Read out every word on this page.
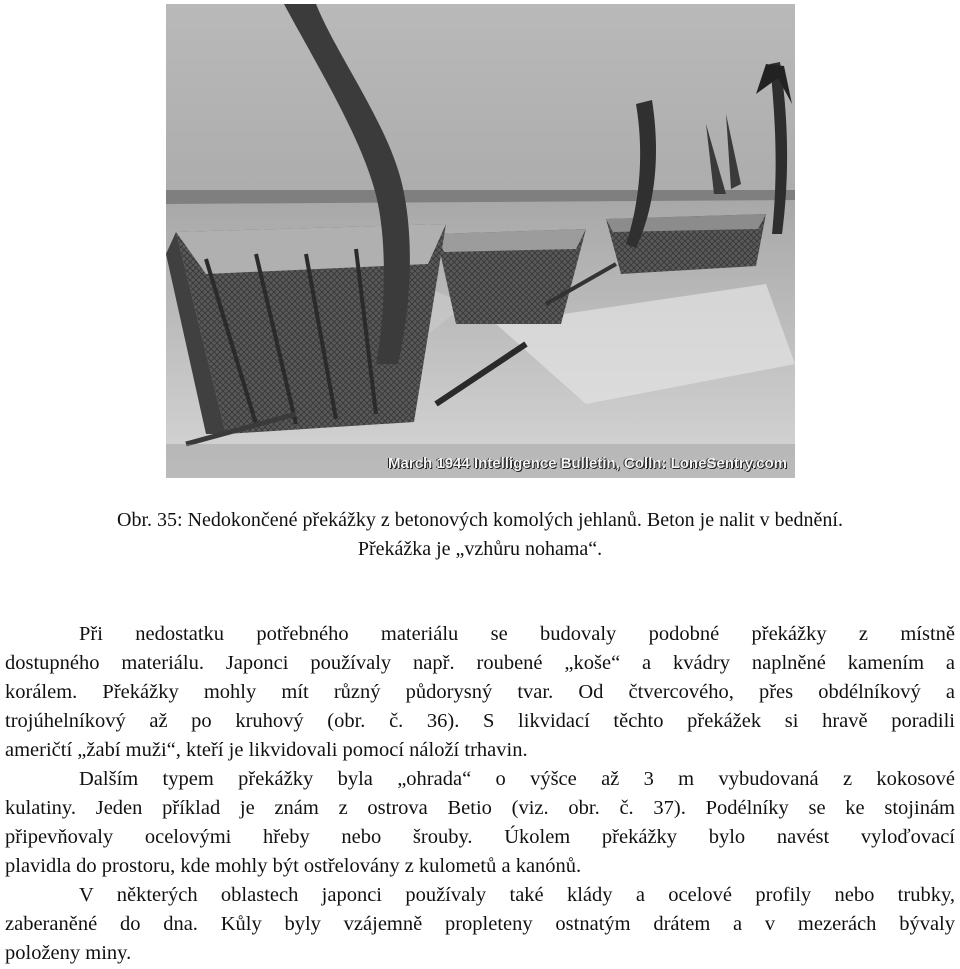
March 1944 Intelligence Bulletin, Colln: LoneSentry.com
Obr. 35: Nedokončené překážky z betonových komolých jehlanů. Beton je nalit v bednění.
Překážka je „vzhůru nohama“.
Při nedostatku potřebného materiálu se budovaly podobné překážky z místně
dostupného materiálu. Japonci používaly např. roubené „koše“ a kvádry naplněné kamením a
korálem. Překážky mohly mít různý půdorysný tvar. Od čtvercového, přes obdélníkový a
trojúhelníkový až po kruhový (obr. č. 36). S likvidací těchto překážek si hravě poradili
američtí „žabí muži“, kteří je likvidovali pomocí náloží trhavin.
Dalším typem překážky byla „ohrada“ o výšce až 3 m vybudovaná z kokosové
kulatiny. Jeden příklad je znám z ostrova Betio (viz. obr. č. 37). Podélníky se ke stojinám
připevňovaly ocelovými hřeby nebo šrouby. Úkolem překážky bylo navést vyloďovací
plavidla do prostoru, kde mohly být ostřelovány z kulometů a kanónů.
V některých oblastech japonci používaly také klády a ocelové profily nebo trubky,
zaberaněné do dna. Kůly byly vzájemně propleteny ostnatým drátem a v mezerách bývaly
položeny miny.
